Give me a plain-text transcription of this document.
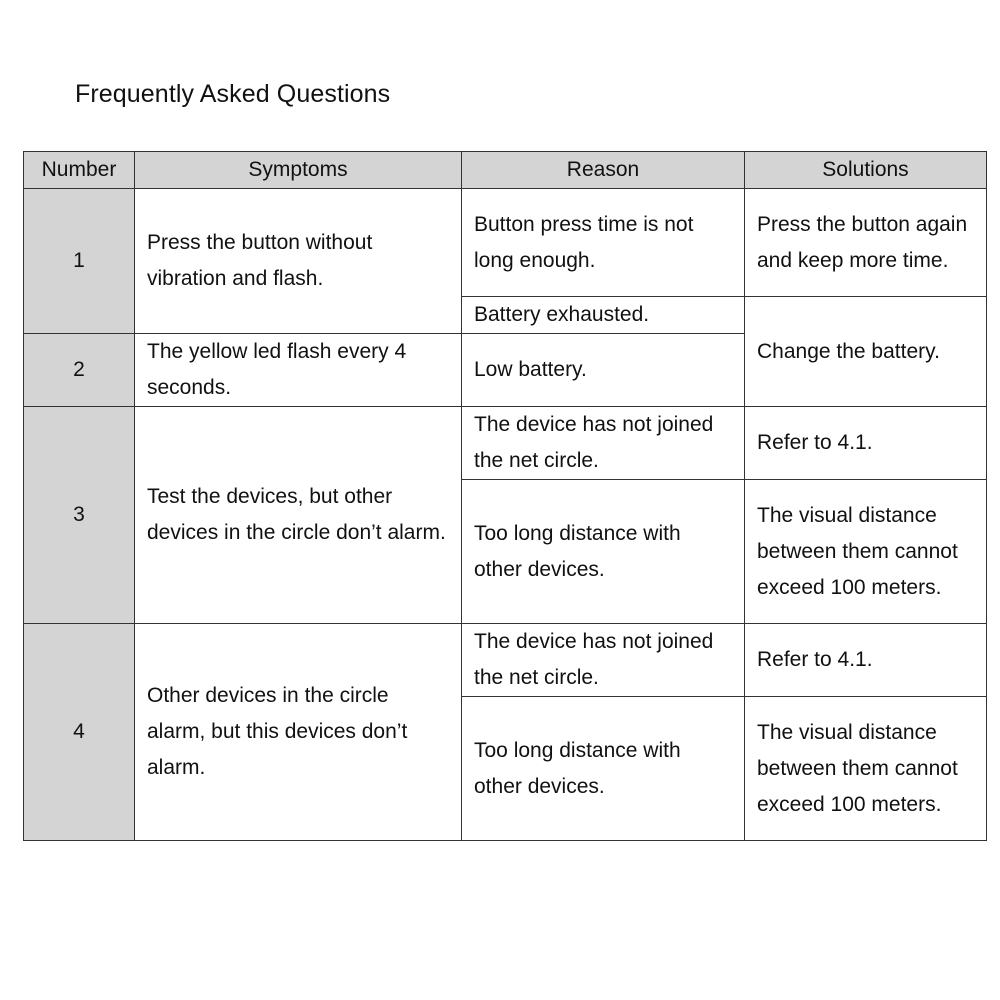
Frequently Asked Questions
Number	Symptoms	Reason	Solutions
1	Press the button without vibration and flash.	Button press time is not long enough.	Press the button again and keep more time.
		Battery exhausted.	Change the battery.
2	The yellow led flash every 4 seconds.	Low battery.	
3	Test the devices, but other devices in the circle don’t alarm.	The device has not joined the net circle.	Refer to 4.1.
		Too long distance with other devices.	The visual distance between them cannot exceed 100 meters.
4	Other devices in the circle alarm, but this devices don’t alarm.	The device has not joined the net circle.	Refer to 4.1.
		Too long distance with other devices.	The visual distance between them cannot exceed 100 meters.
